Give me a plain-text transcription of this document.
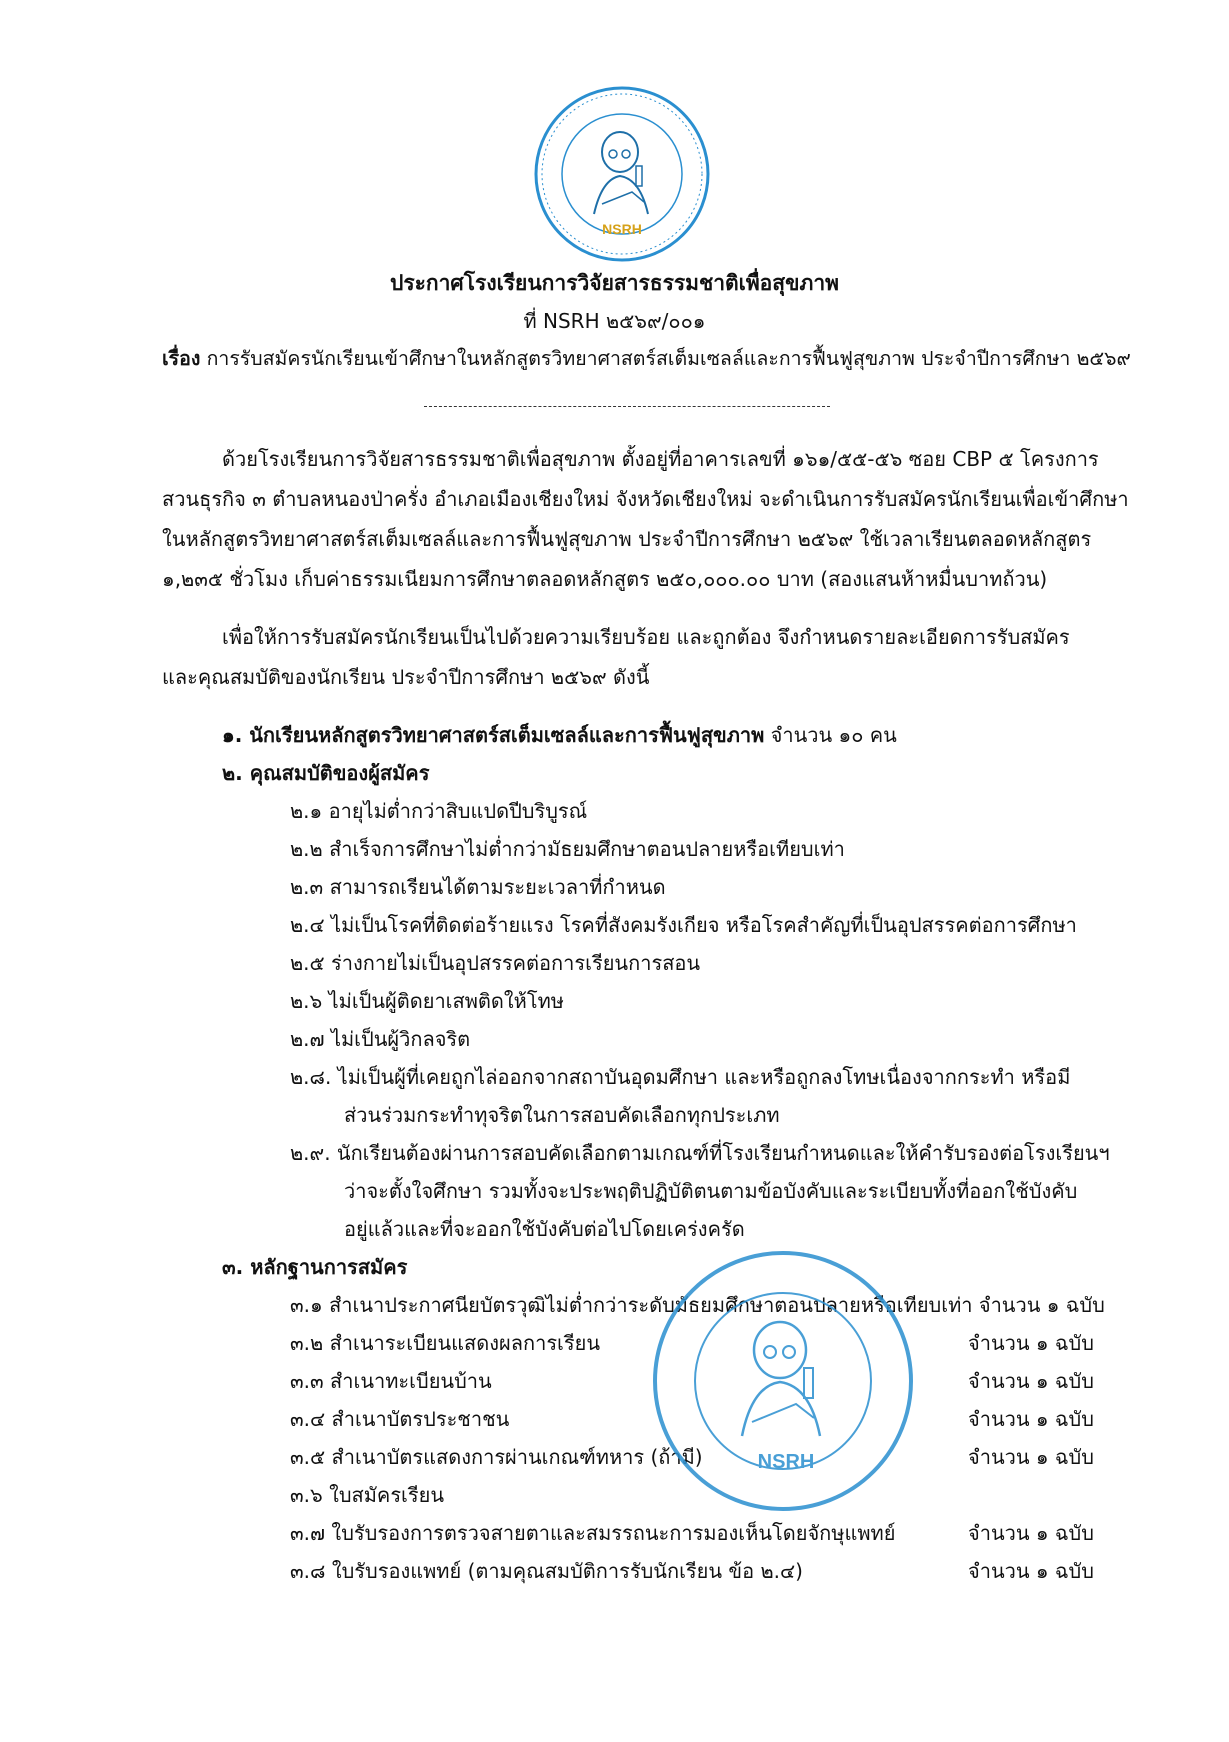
NSRH
ประกาศโรงเรียนการวิจัยสารธรรมชาติเพื่อสุขภาพ
ที่ NSRH ๒๕๖๙/๐๐๑
เรื่อง การรับสมัครนักเรียนเข้าศึกษาในหลักสูตรวิทยาศาสตร์สเต็มเซลล์และการฟื้นฟูสุขภาพ ประจำปีการศึกษา ๒๕๖๙
ด้วยโรงเรียนการวิจัยสารธรรมชาติเพื่อสุขภาพ ตั้งอยู่ที่อาคารเลขที่ ๑๖๑/๕๕-๕๖ ซอย CBP ๕ โครงการ
สวนธุรกิจ ๓ ตำบลหนองป่าครั่ง อำเภอเมืองเชียงใหม่ จังหวัดเชียงใหม่ จะดำเนินการรับสมัครนักเรียนเพื่อเข้าศึกษา
ในหลักสูตรวิทยาศาสตร์สเต็มเซลล์และการฟื้นฟูสุขภาพ ประจำปีการศึกษา ๒๕๖๙ ใช้เวลาเรียนตลอดหลักสูตร
๑,๒๓๕ ชั่วโมง เก็บค่าธรรมเนียมการศึกษาตลอดหลักสูตร ๒๕๐,๐๐๐.๐๐ บาท (สองแสนห้าหมื่นบาทถ้วน)
เพื่อให้การรับสมัครนักเรียนเป็นไปด้วยความเรียบร้อย และถูกต้อง จึงกำหนดรายละเอียดการรับสมัคร
และคุณสมบัติของนักเรียน ประจำปีการศึกษา ๒๕๖๙ ดังนี้
๑. นักเรียนหลักสูตรวิทยาศาสตร์สเต็มเซลล์และการฟื้นฟูสุขภาพ จำนวน ๑๐ คน
๒. คุณสมบัติของผู้สมัคร
๒.๑ อายุไม่ต่ำกว่าสิบแปดปีบริบูรณ์
๒.๒ สำเร็จการศึกษาไม่ต่ำกว่ามัธยมศึกษาตอนปลายหรือเทียบเท่า
๒.๓ สามารถเรียนได้ตามระยะเวลาที่กำหนด
๒.๔ ไม่เป็นโรคที่ติดต่อร้ายแรง โรคที่สังคมรังเกียจ หรือโรคสำคัญที่เป็นอุปสรรคต่อการศึกษา
๒.๕ ร่างกายไม่เป็นอุปสรรคต่อการเรียนการสอน
๒.๖ ไม่เป็นผู้ติดยาเสพติดให้โทษ
๒.๗ ไม่เป็นผู้วิกลจริต
๒.๘. ไม่เป็นผู้ที่เคยถูกไล่ออกจากสถาบันอุดมศึกษา และหรือถูกลงโทษเนื่องจากกระทำ หรือมี
ส่วนร่วมกระทำทุจริตในการสอบคัดเลือกทุกประเภท
๒.๙. นักเรียนต้องผ่านการสอบคัดเลือกตามเกณฑ์ที่โรงเรียนกำหนดและให้คำรับรองต่อโรงเรียนฯ
ว่าจะตั้งใจศึกษา รวมทั้งจะประพฤติปฏิบัติตนตามข้อบังคับและระเบียบทั้งที่ออกใช้บังคับ
อยู่แล้วและที่จะออกใช้บังคับต่อไปโดยเคร่งครัด
๓. หลักฐานการสมัคร
๓.๑ สำเนาประกาศนียบัตรวุฒิไม่ต่ำกว่าระดับมัธยมศึกษาตอนปลายหรือเทียบเท่า จำนวน ๑ ฉบับ
๓.๒ สำเนาระเบียนแสดงผลการเรียน	จำนวน ๑ ฉบับ
๓.๓ สำเนาทะเบียนบ้าน	จำนวน ๑ ฉบับ
๓.๔ สำเนาบัตรประชาชน	จำนวน ๑ ฉบับ
๓.๕ สำเนาบัตรแสดงการผ่านเกณฑ์ทหาร (ถ้ามี)	จำนวน ๑ ฉบับ
๓.๖ ใบสมัครเรียน
๓.๗ ใบรับรองการตรวจสายตาและสมรรถนะการมองเห็นโดยจักษุแพทย์	จำนวน ๑ ฉบับ
๓.๘ ใบรับรองแพทย์ (ตามคุณสมบัติการรับนักเรียน ข้อ ๒.๔)	จำนวน ๑ ฉบับ
NSRH
